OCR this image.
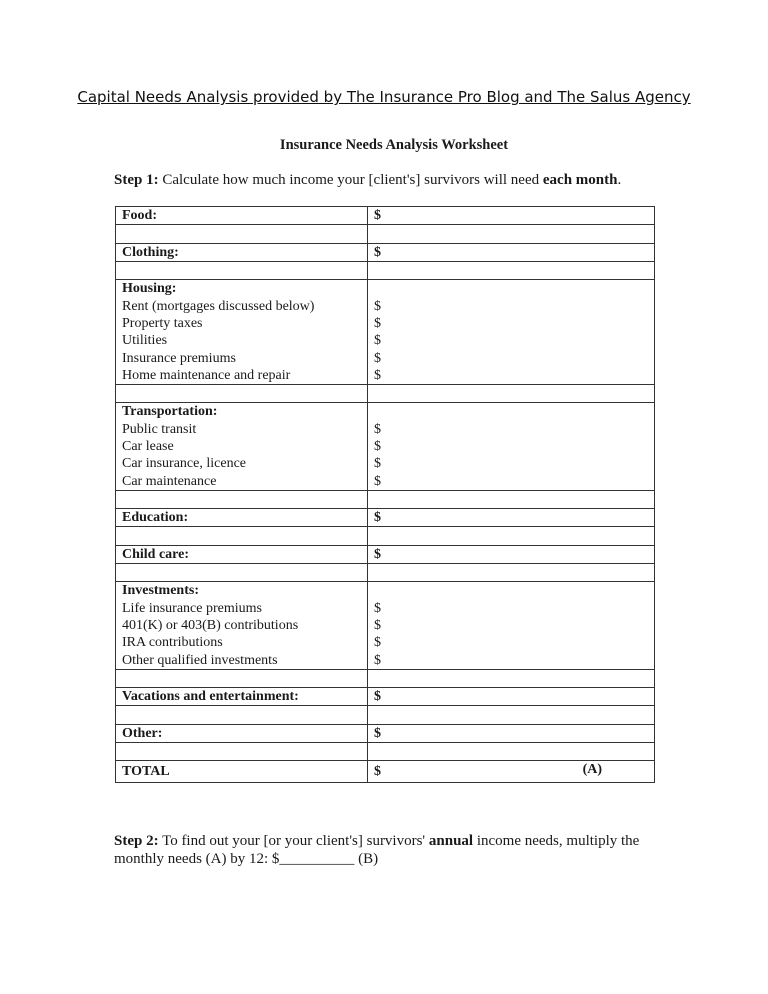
Capital Needs Analysis provided by The Insurance Pro Blog and The Salus Agency
Insurance Needs Analysis Worksheet
Step 1: Calculate how much income your [client's] survivors will need each month.
Food:	$

Clothing:	$

Housing:	
Rent (mortgages discussed below)	$
Property taxes	$
Utilities	$
Insurance premiums	$
Home maintenance and repair	$

Transportation:	
Public transit	$
Car lease	$
Car insurance, licence	$
Car maintenance	$

Education:	$

Child care:	$

Investments:	
Life insurance premiums	$
401(K) or 403(B) contributions	$
IRA contributions	$
Other qualified investments	$

Vacations and entertainment:	$

Other:	$

TOTAL	$ (A)
Step 2: To find out your [or your client's] survivors' annual income needs, multiply the monthly needs (A) by 12: $__________ (B)
